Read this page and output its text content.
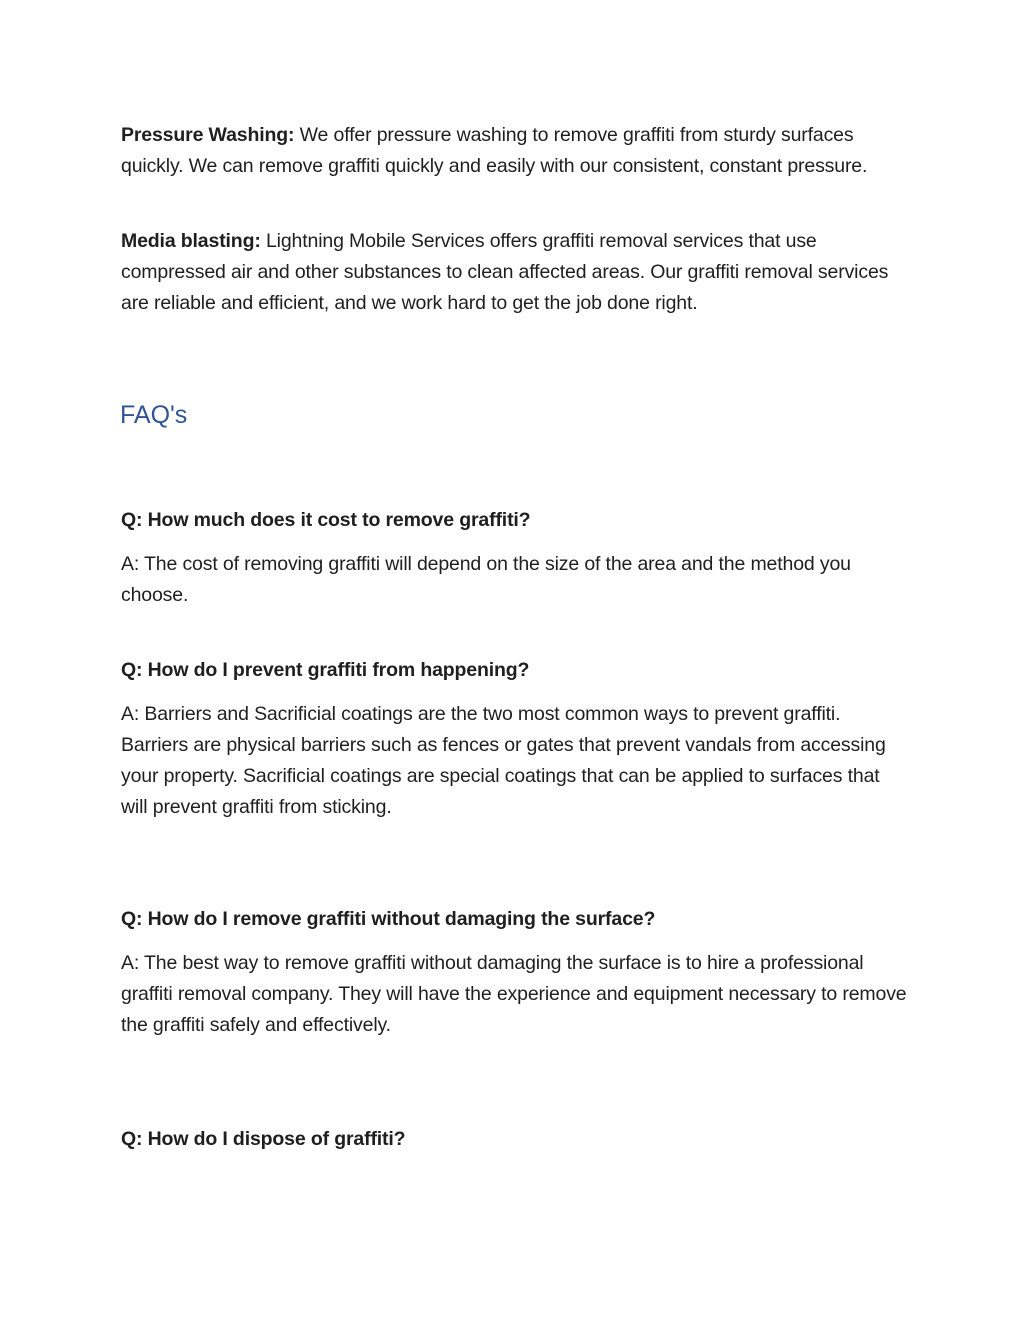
Pressure Washing: We offer pressure washing to remove graffiti from sturdy surfaces quickly. We can remove graffiti quickly and easily with our consistent, constant pressure.

Media blasting: Lightning Mobile Services offers graffiti removal services that use compressed air and other substances to clean affected areas. Our graffiti removal services are reliable and efficient, and we work hard to get the job done right.

FAQ's

Q: How much does it cost to remove graffiti?

A: The cost of removing graffiti will depend on the size of the area and the method you choose.

Q: How do I prevent graffiti from happening?

A: Barriers and Sacrificial coatings are the two most common ways to prevent graffiti. Barriers are physical barriers such as fences or gates that prevent vandals from accessing your property. Sacrificial coatings are special coatings that can be applied to surfaces that will prevent graffiti from sticking.

Q: How do I remove graffiti without damaging the surface?

A: The best way to remove graffiti without damaging the surface is to hire a professional graffiti removal company. They will have the experience and equipment necessary to remove the graffiti safely and effectively.

Q: How do I dispose of graffiti?
